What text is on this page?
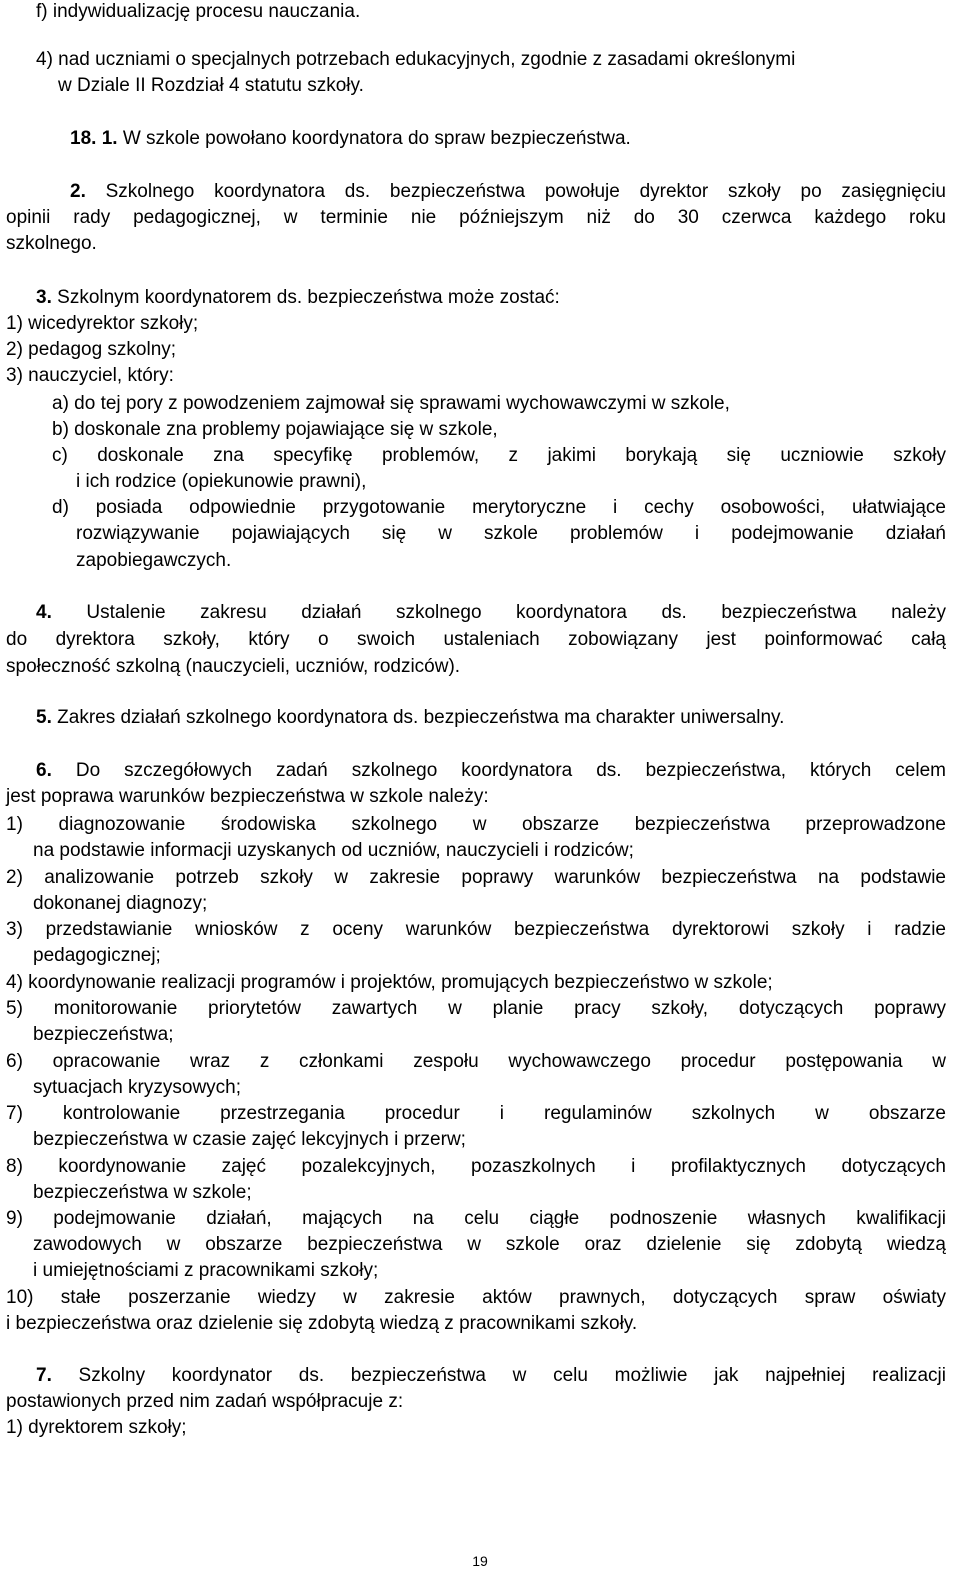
f) indywidualizację procesu nauczania.
4) nad uczniami o specjalnych potrzebach edukacyjnych, zgodnie z zasadami określonymi
w Dziale II Rozdział 4 statutu szkoły.
18. 1. W szkole powołano koordynatora do spraw bezpieczeństwa.
2. Szkolnego koordynatora ds. bezpieczeństwa powołuje dyrektor szkoły po zasięgnięciu
opinii rady pedagogicznej, w terminie nie późniejszym niż do 30 czerwca każdego roku
szkolnego.
3. Szkolnym koordynatorem ds. bezpieczeństwa może zostać:
1) wicedyrektor szkoły;
2) pedagog szkolny;
3) nauczyciel, który:
a) do tej pory z powodzeniem zajmował się sprawami wychowawczymi w szkole,
b) doskonale zna problemy pojawiające się w szkole,
c) doskonale zna specyfikę problemów, z jakimi borykają się uczniowie szkoły
i ich rodzice (opiekunowie prawni),
d) posiada odpowiednie przygotowanie merytoryczne i cechy osobowości, ułatwiające
rozwiązywanie pojawiających się w szkole problemów i podejmowanie działań
zapobiegawczych.
4. Ustalenie zakresu działań szkolnego koordynatora ds. bezpieczeństwa należy
do dyrektora szkoły, który o swoich ustaleniach zobowiązany jest poinformować całą
społeczność szkolną (nauczycieli, uczniów, rodziców).
5. Zakres działań szkolnego koordynatora ds. bezpieczeństwa ma charakter uniwersalny.
6. Do szczegółowych zadań szkolnego koordynatora ds. bezpieczeństwa, których celem
jest poprawa warunków bezpieczeństwa w szkole należy:
1) diagnozowanie środowiska szkolnego w obszarze bezpieczeństwa przeprowadzone
na podstawie informacji uzyskanych od uczniów, nauczycieli i rodziców;
2) analizowanie potrzeb szkoły w zakresie poprawy warunków bezpieczeństwa na podstawie
dokonanej diagnozy;
3) przedstawianie wniosków z oceny warunków bezpieczeństwa dyrektorowi szkoły i radzie
pedagogicznej;
4) koordynowanie realizacji programów i projektów, promujących bezpieczeństwo w szkole;
5) monitorowanie priorytetów zawartych w planie pracy szkoły, dotyczących poprawy
bezpieczeństwa;
6) opracowanie wraz z członkami zespołu wychowawczego procedur postępowania w
sytuacjach kryzysowych;
7) kontrolowanie przestrzegania procedur i regulaminów szkolnych w obszarze
bezpieczeństwa w czasie zajęć lekcyjnych i przerw;
8) koordynowanie zajęć pozalekcyjnych, pozaszkolnych i profilaktycznych dotyczących
bezpieczeństwa w szkole;
9) podejmowanie działań, mających na celu ciągłe podnoszenie własnych kwalifikacji
zawodowych w obszarze bezpieczeństwa w szkole oraz dzielenie się zdobytą wiedzą
i umiejętnościami z pracownikami szkoły;
10) stałe poszerzanie wiedzy w zakresie aktów prawnych, dotyczących spraw oświaty
i bezpieczeństwa oraz dzielenie się zdobytą wiedzą z pracownikami szkoły.
7. Szkolny koordynator ds. bezpieczeństwa w celu możliwie jak najpełniej realizacji
postawionych przed nim zadań współpracuje z:
1) dyrektorem szkoły;
19
